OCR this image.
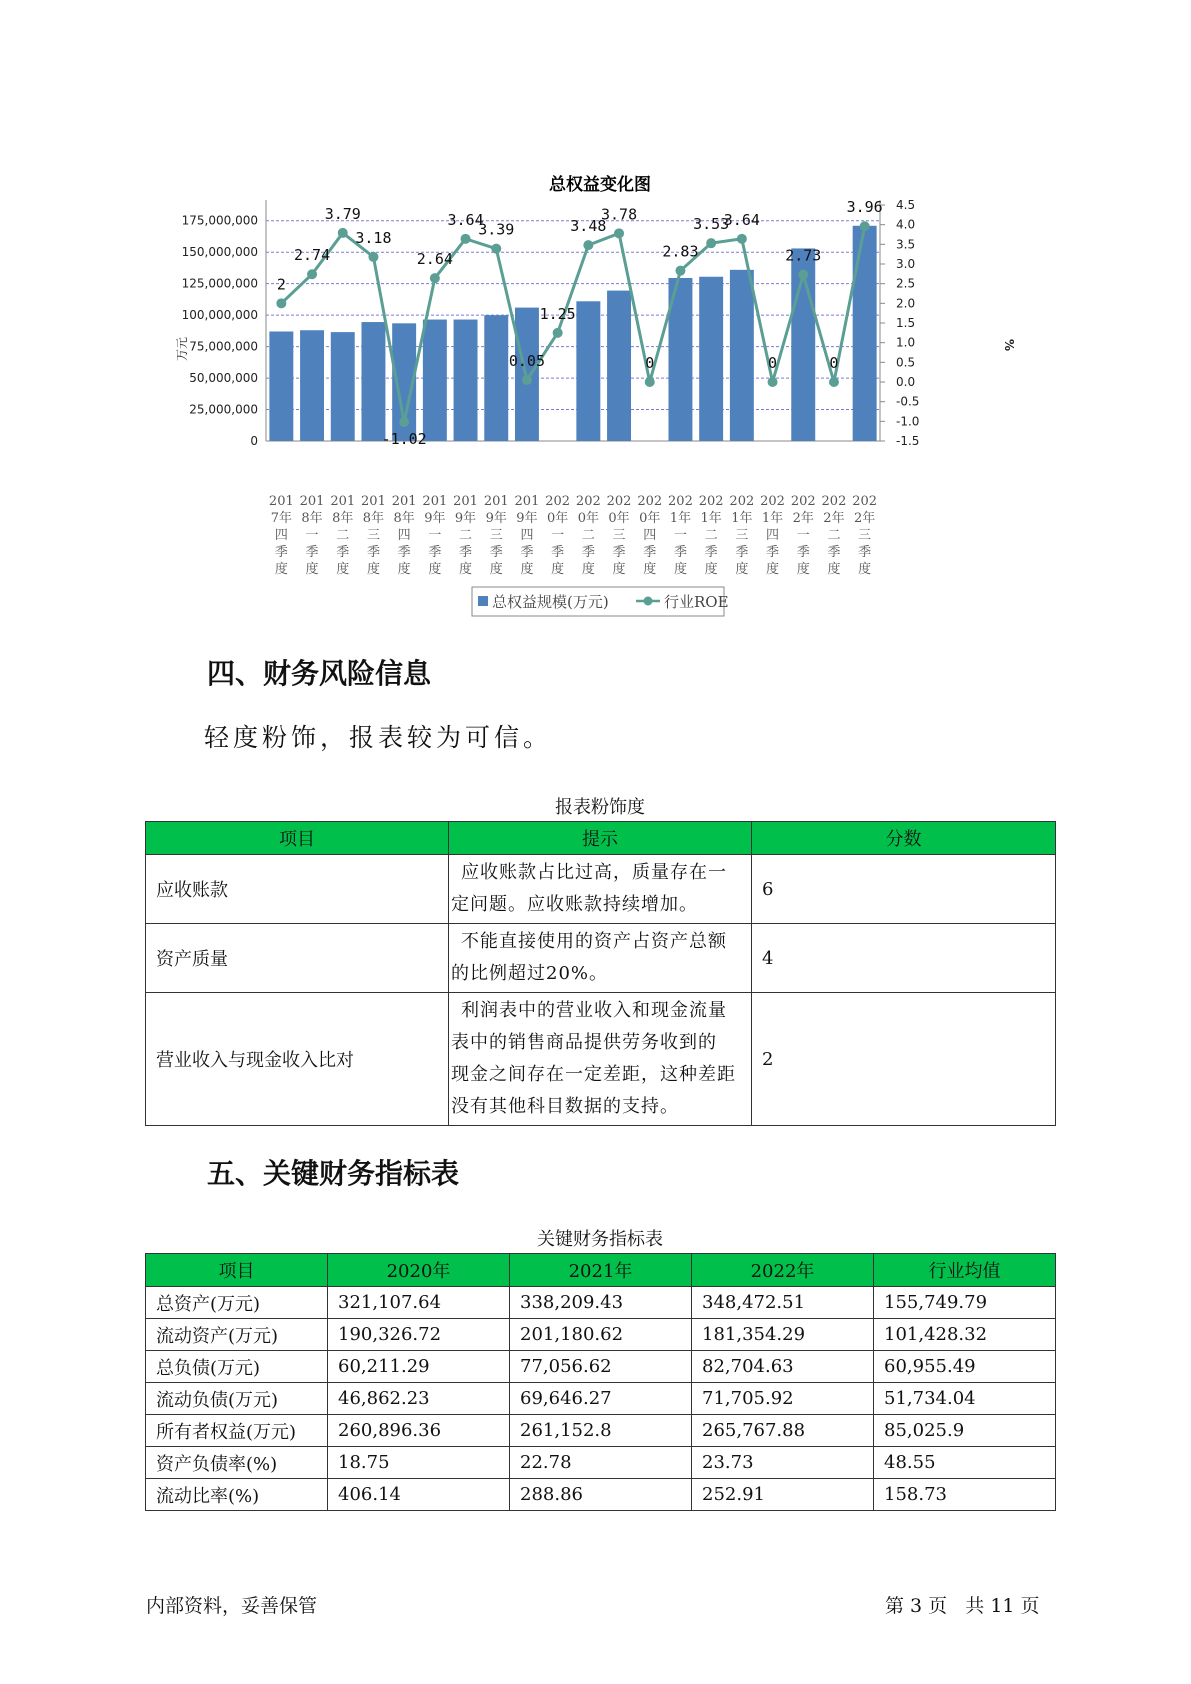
总权益变化图
175,000,000
150,000,000
125,000,000
100,000,000
75,000,000
50,000,000
25,000,000
0
4.5
4.0
3.5
3.0
2.5
2.0
1.5
1.0
0.5
0.0
-0.5
-1.0
-1.5
2
2.74
3.79
3.18
-1.02
2.64
3.64
3.39
0.05
1.25
3.48
3.78
0
2.83
3.53
3.64
0
2.73
0
3.96
201
7年
四
季
度
201
8年
一
季
度
201
8年
二
季
度
201
8年
三
季
度
201
8年
四
季
度
201
9年
一
季
度
201
9年
二
季
度
201
9年
三
季
度
201
9年
四
季
度
202
0年
一
季
度
202
0年
二
季
度
202
0年
三
季
度
202
0年
四
季
度
202
1年
一
季
度
202
1年
二
季
度
202
1年
三
季
度
202
1年
四
季
度
202
2年
一
季
度
202
2年
二
季
度
202
2年
三
季
度
万元	%
总权益规模(万元)	行业ROE
四、财务风险信息
轻度粉饰，报表较为可信。
报表粉饰度
项目	提示	分数
应收账款	应收账款占比过高，质量存在一
定问题。应收账款持续增加。	6
资产质量	不能直接使用的资产占资产总额
的比例超过20%。	4
营业收入与现金收入比对	利润表中的营业收入和现金流量
表中的销售商品提供劳务收到的
现金之间存在一定差距，这种差距
没有其他科目数据的支持。	2
五、关键财务指标表
关键财务指标表
项目	2020年	2021年	2022年	行业均值
总资产(万元)	321,107.64	338,209.43	348,472.51	155,749.79
流动资产(万元)	190,326.72	201,180.62	181,354.29	101,428.32
总负债(万元)	60,211.29	77,056.62	82,704.63	60,955.49
流动负债(万元)	46,862.23	69,646.27	71,705.92	51,734.04
所有者权益(万元)	260,896.36	261,152.8	265,767.88	85,025.9
资产负债率(%)	18.75	22.78	23.73	48.55
流动比率(%)	406.14	288.86	252.91	158.73
内部资料，妥善保管	第 3 页   共 11 页
